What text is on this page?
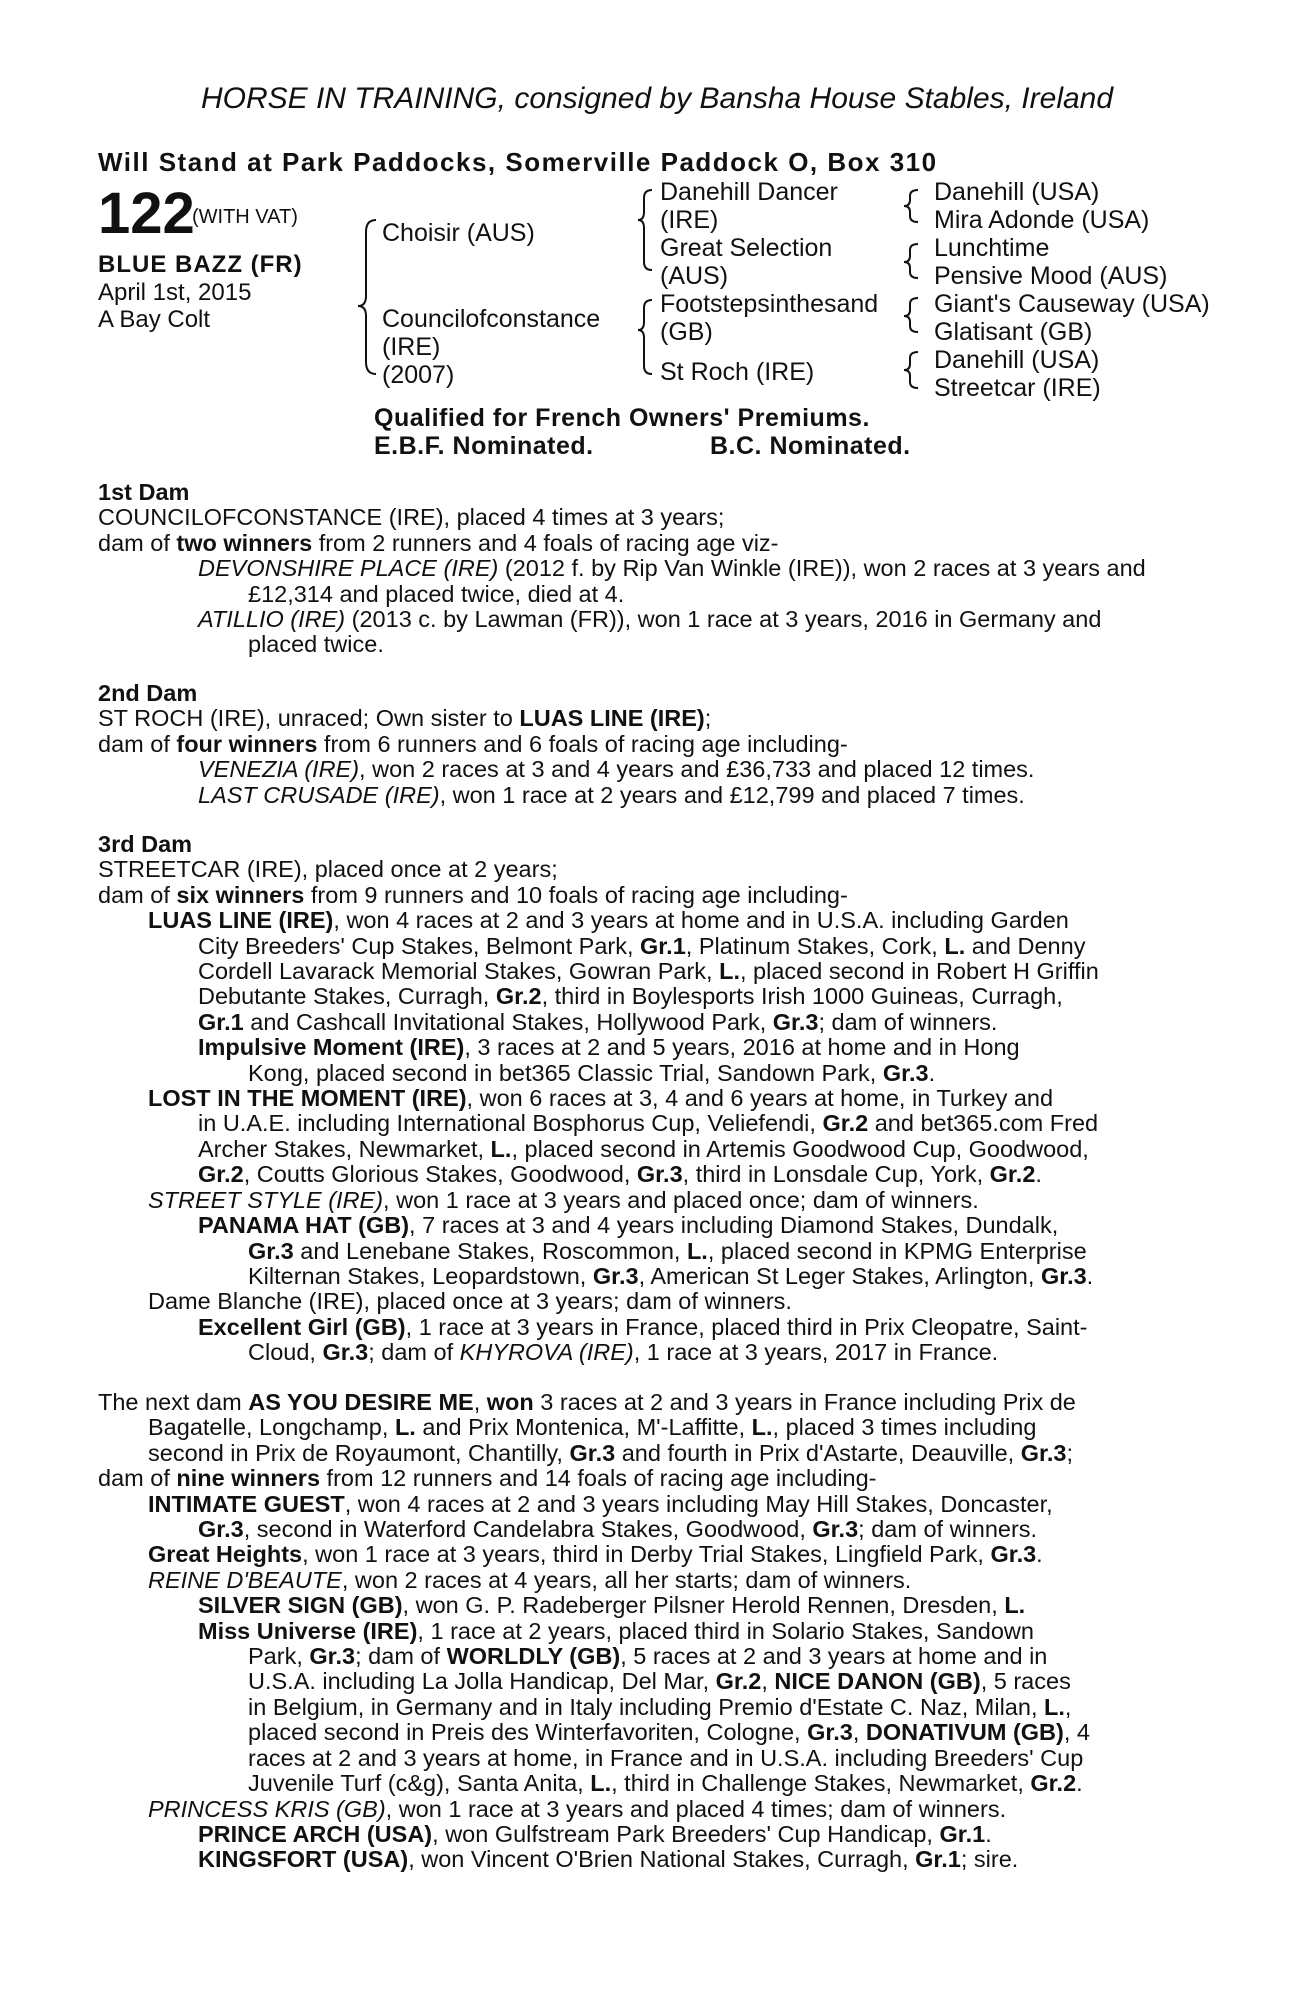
HORSE IN TRAINING, consigned by Bansha House Stables, Ireland
Will Stand at Park Paddocks, Somerville Paddock O, Box 310
122
(WITH VAT)
BLUE BAZZ (FR)
April 1st, 2015
A Bay Colt
Choisir (AUS)
Councilofconstance
(IRE)
(2007)
Danehill Dancer
(IRE)
Great Selection
(AUS)
Footstepsinthesand
(GB)
St Roch (IRE)
Danehill (USA)
Mira Adonde (USA)
Lunchtime
Pensive Mood (AUS)
Giant's Causeway (USA)
Glatisant (GB)
Danehill (USA)
Streetcar (IRE)
Qualified for French Owners' Premiums.
E.B.F. Nominated.	B.C. Nominated.
1st Dam
COUNCILOFCONSTANCE (IRE), placed 4 times at 3 years;
dam of two winners from 2 runners and 4 foals of racing age viz-
DEVONSHIRE PLACE (IRE) (2012 f. by Rip Van Winkle (IRE)), won 2 races at 3 years and
£12,314 and placed twice, died at 4.
ATILLIO (IRE) (2013 c. by Lawman (FR)), won 1 race at 3 years, 2016 in Germany and
placed twice.
2nd Dam
ST ROCH (IRE), unraced; Own sister to LUAS LINE (IRE);
dam of four winners from 6 runners and 6 foals of racing age including-
VENEZIA (IRE), won 2 races at 3 and 4 years and £36,733 and placed 12 times.
LAST CRUSADE (IRE), won 1 race at 2 years and £12,799 and placed 7 times.
3rd Dam
STREETCAR (IRE), placed once at 2 years;
dam of six winners from 9 runners and 10 foals of racing age including-
LUAS LINE (IRE), won 4 races at 2 and 3 years at home and in U.S.A. including Garden
City Breeders' Cup Stakes, Belmont Park, Gr.1, Platinum Stakes, Cork, L. and Denny
Cordell Lavarack Memorial Stakes, Gowran Park, L., placed second in Robert H Griffin
Debutante Stakes, Curragh, Gr.2, third in Boylesports Irish 1000 Guineas, Curragh,
Gr.1 and Cashcall Invitational Stakes, Hollywood Park, Gr.3; dam of winners.
Impulsive Moment (IRE), 3 races at 2 and 5 years, 2016 at home and in Hong
Kong, placed second in bet365 Classic Trial, Sandown Park, Gr.3.
LOST IN THE MOMENT (IRE), won 6 races at 3, 4 and 6 years at home, in Turkey and
in U.A.E. including International Bosphorus Cup, Veliefendi, Gr.2 and bet365.com Fred
Archer Stakes, Newmarket, L., placed second in Artemis Goodwood Cup, Goodwood,
Gr.2, Coutts Glorious Stakes, Goodwood, Gr.3, third in Lonsdale Cup, York, Gr.2.
STREET STYLE (IRE), won 1 race at 3 years and placed once; dam of winners.
PANAMA HAT (GB), 7 races at 3 and 4 years including Diamond Stakes, Dundalk,
Gr.3 and Lenebane Stakes, Roscommon, L., placed second in KPMG Enterprise
Kilternan Stakes, Leopardstown, Gr.3, American St Leger Stakes, Arlington, Gr.3.
Dame Blanche (IRE), placed once at 3 years; dam of winners.
Excellent Girl (GB), 1 race at 3 years in France, placed third in Prix Cleopatre, Saint-
Cloud, Gr.3; dam of KHYROVA (IRE), 1 race at 3 years, 2017 in France.
The next dam AS YOU DESIRE ME, won 3 races at 2 and 3 years in France including Prix de
Bagatelle, Longchamp, L. and Prix Montenica, M'-Laffitte, L., placed 3 times including
second in Prix de Royaumont, Chantilly, Gr.3 and fourth in Prix d'Astarte, Deauville, Gr.3;
dam of nine winners from 12 runners and 14 foals of racing age including-
INTIMATE GUEST, won 4 races at 2 and 3 years including May Hill Stakes, Doncaster,
Gr.3, second in Waterford Candelabra Stakes, Goodwood, Gr.3; dam of winners.
Great Heights, won 1 race at 3 years, third in Derby Trial Stakes, Lingfield Park, Gr.3.
REINE D'BEAUTE, won 2 races at 4 years, all her starts; dam of winners.
SILVER SIGN (GB), won G. P. Radeberger Pilsner Herold Rennen, Dresden, L.
Miss Universe (IRE), 1 race at 2 years, placed third in Solario Stakes, Sandown
Park, Gr.3; dam of WORLDLY (GB), 5 races at 2 and 3 years at home and in
U.S.A. including La Jolla Handicap, Del Mar, Gr.2, NICE DANON (GB), 5 races
in Belgium, in Germany and in Italy including Premio d'Estate C. Naz, Milan, L.,
placed second in Preis des Winterfavoriten, Cologne, Gr.3, DONATIVUM (GB), 4
races at 2 and 3 years at home, in France and in U.S.A. including Breeders' Cup
Juvenile Turf (c&g), Santa Anita, L., third in Challenge Stakes, Newmarket, Gr.2.
PRINCESS KRIS (GB), won 1 race at 3 years and placed 4 times; dam of winners.
PRINCE ARCH (USA), won Gulfstream Park Breeders' Cup Handicap, Gr.1.
KINGSFORT (USA), won Vincent O'Brien National Stakes, Curragh, Gr.1; sire.
